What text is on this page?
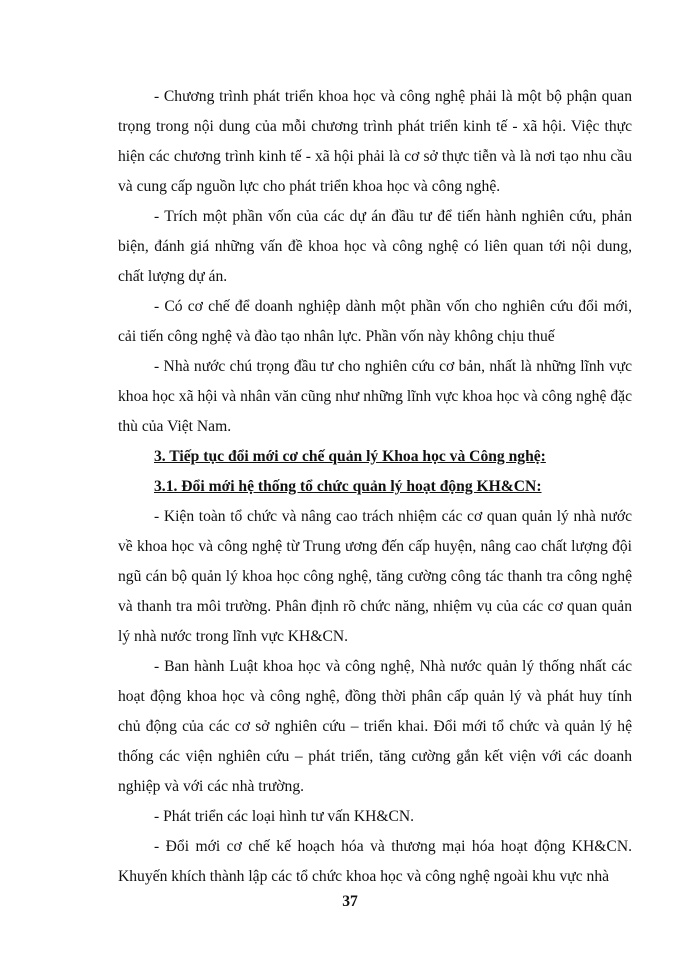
- Chương trình phát triển khoa học và công nghệ phải là một bộ phận quan trọng trong nội dung của mỗi chương trình phát triển kinh tế - xã hội. Việc thực hiện các chương trình kinh tế - xã hội phải là cơ sở thực tiễn và là nơi tạo nhu cầu và cung cấp nguồn lực cho phát triển khoa học và công nghệ.

- Trích một phần vốn của các dự án đầu tư để tiến hành nghiên cứu, phản biện, đánh giá những vấn đề khoa học và công nghệ có liên quan tới nội dung, chất lượng dự án.

- Có cơ chế để doanh nghiệp dành một phần vốn cho nghiên cứu đổi mới, cải tiến công nghệ và đào tạo nhân lực. Phần vốn này không chịu thuế

- Nhà nước chú trọng đầu tư cho nghiên cứu cơ bản, nhất là những lĩnh vực khoa học xã hội và nhân văn cũng như những lĩnh vực khoa học và công nghệ đặc thù của Việt Nam.

3. Tiếp tục đổi mới cơ chế quản lý Khoa học và Công nghệ:

3.1. Đổi mới hệ thống tổ chức quản lý hoạt động KH&CN:

- Kiện toàn tổ chức và nâng cao trách nhiệm các cơ quan quản lý nhà nước về khoa học và công nghệ từ Trung ương đến cấp huyện, nâng cao chất lượng đội ngũ cán bộ quản lý khoa học công nghệ, tăng cường công tác thanh tra công nghệ và thanh tra môi trường. Phân định rõ chức năng, nhiệm vụ của các cơ quan quản lý nhà nước trong lĩnh vực KH&CN.

- Ban hành Luật khoa học và công nghệ, Nhà nước quản lý thống nhất các hoạt động khoa học và công nghệ, đồng thời phân cấp quản lý và phát huy tính chủ động của các cơ sở nghiên cứu – triển khai. Đổi mới tổ chức và quản lý hệ thống các viện nghiên cứu – phát triển, tăng cường gắn kết viện với các doanh nghiệp và với các nhà trường.

- Phát triển các loại hình tư vấn KH&CN.

- Đổi mới cơ chế kế hoạch hóa và thương mại hóa hoạt động KH&CN. Khuyến khích thành lập các tổ chức khoa học và công nghệ ngoài khu vực nhà

37
